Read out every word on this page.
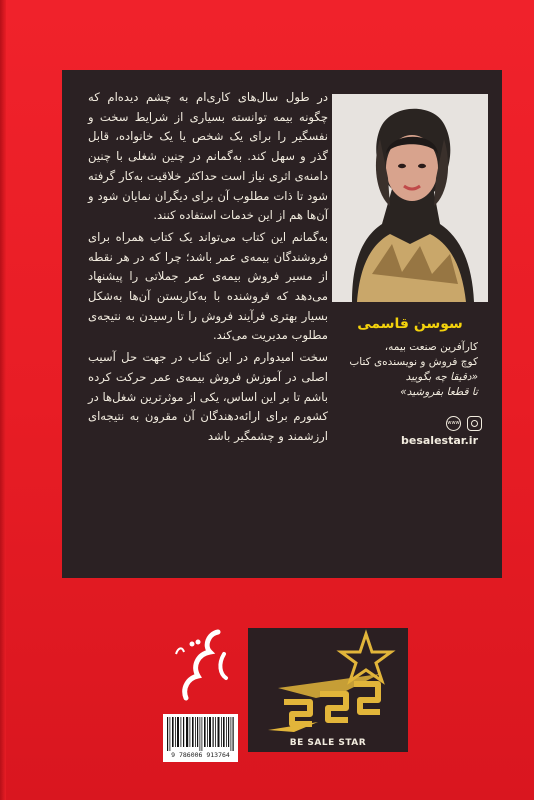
در طول سال‌های کاری‌ام به چشم دیده‌ام که چگونه بیمه توانسته بسیاری از شرایط سخت و نفسگیر را برای یک شخص یا یک خانواده، قابل گذر و سهل کند. به‌گمانم در چنین شغلی با چنین دامنه‌ی اثری نیاز است حداکثر خلاقیت به‌کار گرفته شود تا ذات مطلوب آن برای دیگران نمایان شود و آن‌ها هم از این خدمات استفاده کنند.

به‌گمانم این کتاب می‌تواند یک کتاب همراه برای فروشندگان بیمه‌ی عمر باشد؛ چرا که در هر نقطه از مسیر فروش بیمه‌ی عمر جملاتی را پیشنهاد می‌دهد که فروشنده با به‌کاربستن آن‌ها به‌شکل بسیار بهتری فرآیند فروش را تا رسیدن به نتیجه‌ی مطلوب مدیریت می‌کند.

سخت امیدوارم در این کتاب در جهت حل آسیب اصلی در آموزش فروش بیمه‌ی عمر حرکت کرده باشم تا بر این اساس، یکی از موثرترین شغل‌ها در کشورم برای ارائه‌دهندگان آن مقرون به نتیجه‌ای ارزشمند و چشمگیر باشد

سوسن قاسمی
کارآفرین صنعت بیمه،
کوچ فروش و نویسنده‌ی کتاب
«دقیقا چه بگویید
تا قطعا بفروشید»
www
besalestar.ir
9 786006 913764
BE SALE STAR
